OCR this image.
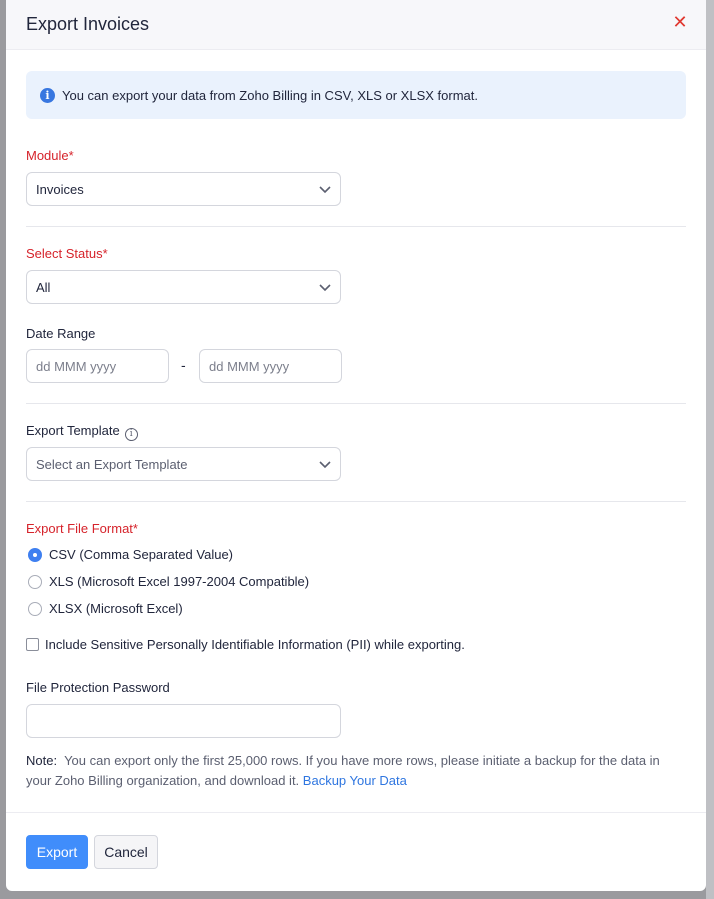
Export Invoices	✕
i You can export your data from Zoho Billing in CSV, XLS or XLSX format.
Module*
Invoices
Select Status*
All
Date Range
dd MMM yyyy	- dd MMM yyyy
Export Template i
Select an Export Template
Export File Format*
CSV (Comma Separated Value)
XLS (Microsoft Excel 1997-2004 Compatible)
XLSX (Microsoft Excel)
Include Sensitive Personally Identifiable Information (PII) while exporting.
File Protection Password
Note: You can export only the first 25,000 rows. If you have more rows, please initiate a backup for the data in your Zoho Billing organization, and download it. Backup Your Data
Export	Cancel
